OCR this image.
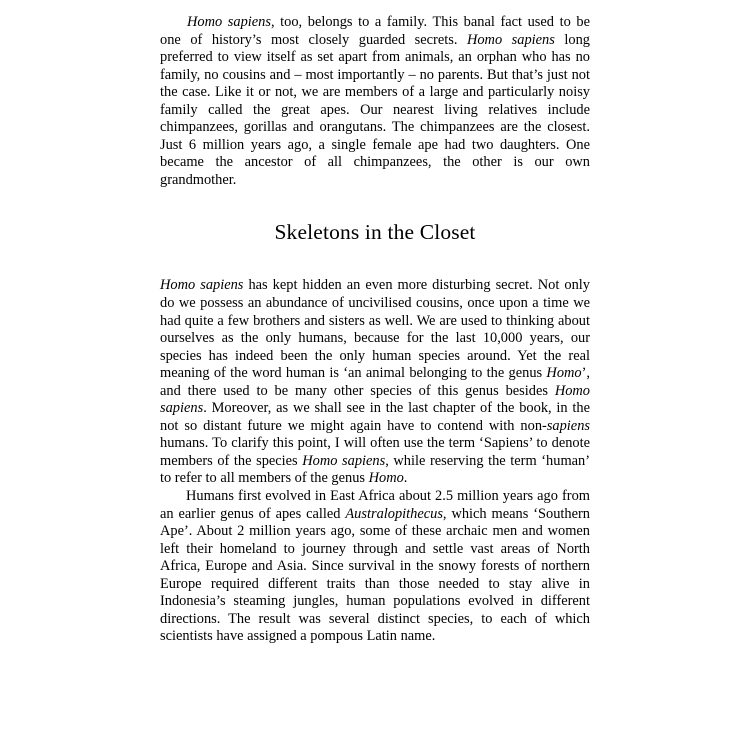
Homo sapiens, too, belongs to a family. This banal fact used to be one of history’s most closely guarded secrets. Homo sapiens long preferred to view itself as set apart from animals, an orphan who has no family, no cousins and – most importantly – no parents. But that’s just not the case. Like it or not, we are members of a large and particularly noisy family called the great apes. Our nearest living relatives include chimpanzees, gorillas and orangutans. The chimpanzees are the closest. Just 6 million years ago, a single female ape had two daughters. One became the ancestor of all chimpanzees, the other is our own grandmother.

Skeletons in the Closet

Homo sapiens has kept hidden an even more disturbing secret. Not only do we possess an abundance of uncivilised cousins, once upon a time we had quite a few brothers and sisters as well. We are used to thinking about ourselves as the only humans, because for the last 10,000 years, our species has indeed been the only human species around. Yet the real meaning of the word human is ‘an animal belonging to the genus Homo’, and there used to be many other species of this genus besides Homo sapiens. Moreover, as we shall see in the last chapter of the book, in the not so distant future we might again have to contend with non-sapiens humans. To clarify this point, I will often use the term ‘Sapiens’ to denote members of the species Homo sapiens, while reserving the term ‘human’ to refer to all members of the genus Homo.

Humans first evolved in East Africa about 2.5 million years ago from an earlier genus of apes called Australopithecus, which means ‘Southern Ape’. About 2 million years ago, some of these archaic men and women left their homeland to journey through and settle vast areas of North Africa, Europe and Asia. Since survival in the snowy forests of northern Europe required different traits than those needed to stay alive in Indonesia’s steaming jungles, human populations evolved in different directions. The result was several distinct species, to each of which scientists have assigned a pompous Latin name.
